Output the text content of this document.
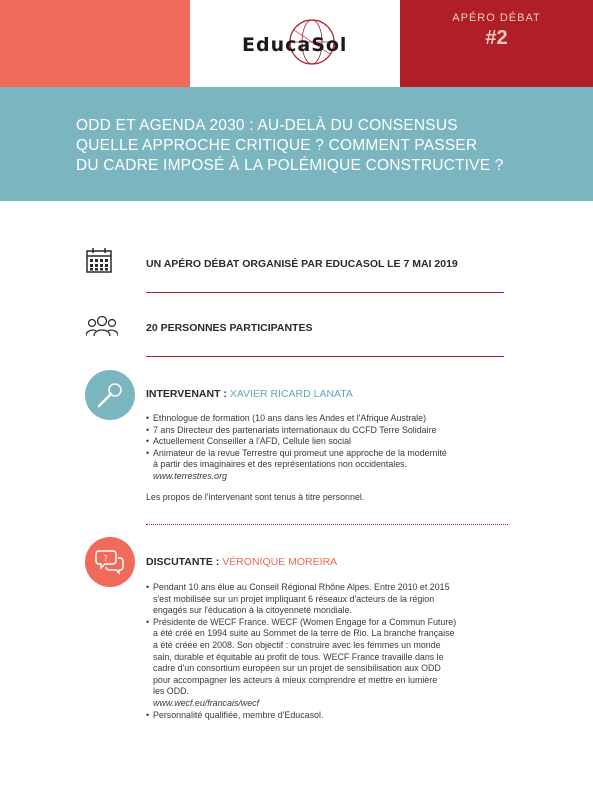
EducaSol
APÉRO DÉBAT
#2
ODD ET AGENDA 2030 : AU-DELÀ DU CONSENSUS
QUELLE APPROCHE CRITIQUE ? COMMENT PASSER
DU CADRE IMPOSÉ À LA POLÉMIQUE CONSTRUCTIVE ?
UN APÉRO DÉBAT ORGANISÉ PAR EDUCASOL LE 7 MAI 2019
20 PERSONNES PARTICIPANTES
INTERVENANT : XAVIER RICARD LANATA
• Ethnologue de formation (10 ans dans les Andes et l'Afrique Australe)
• 7 ans Directeur des partenariats internationaux du CCFD Terre Solidaire
• Actuellement Conseiller à l'AFD, Cellule lien social
• Animateur de la revue Terrestre qui promeut une approche de la modernité
à partir des imaginaires et des représentations non occidentales.
www.terrestres.org
Les propos de l'intervenant sont tenus à titre personnel.
?	DISCUTANTE : VÉRONIQUE MOREIRA
• Pendant 10 ans élue au Conseil Régional Rhône Alpes. Entre 2010 et 2015
s'est mobilisée sur un projet impliquant 6 réseaux d'acteurs de la région
engagés sur l'éducation à la citoyenneté mondiale.
• Présidente de WECF France. WECF (Women Engage for a Commun Future)
a été créé en 1994 suite au Sommet de la terre de Rio. La branche française
a été créée en 2008. Son objectif : construire avec les femmes un monde
sain, durable et équitable au profit de tous. WECF France travaille dans le
cadre d'un consortium européen sur un projet de sensibilisation aux ODD
pour accompagner les acteurs à mieux comprendre et mettre en lumière
les ODD.
www.wecf.eu/francais/wecf
• Personnalité qualifiée, membre d'Educasol.
